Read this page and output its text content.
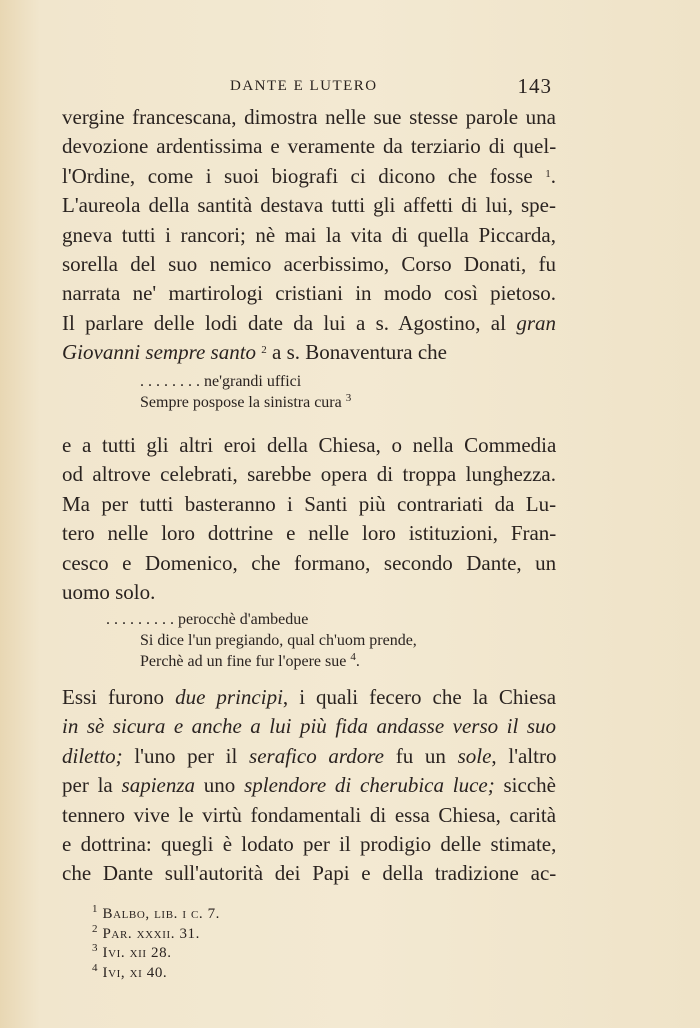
DANTE E LUTERO	143
vergine francescana, dimostra nelle sue stesse parole una
devozione ardentissima e veramente da terziario di quel-
l'Ordine, come i suoi biografi ci dicono che fosse $^1$.
L'aureola della santità destava tutti gli affetti di lui, spe-
gneva tutti i rancori; nè mai la vita di quella Piccarda,
sorella del suo nemico acerbissimo, Corso Donati, fu
narrata ne' martirologi cristiani in modo così pietoso.
Il parlare delle lodi date da lui a s. Agostino, al gran
Giovanni sempre santo $^2$ a s. Bonaventura che
. . . . . . . . ne'grandi uffici
Sempre pospose la sinistra cura $^3$
e a tutti gli altri eroi della Chiesa, o nella Commedia
od altrove celebrati, sarebbe opera di troppa lunghezza.
Ma per tutti basteranno i Santi più contrariati da Lu-
tero nelle loro dottrine e nelle loro istituzioni, Fran-
cesco e Domenico, che formano, secondo Dante, un
uomo solo.
. . . . . . . . . perocchè d'ambedue
Si dice l'un pregiando, qual ch'uom prende,
Perchè ad un fine fur l'opere sue $^4$.
Essi furono due principi, i quali fecero che la Chiesa
in sè sicura e anche a lui più fida andasse verso il suo
diletto; l'uno per il serafico ardore fu un sole, l'altro
per la sapienza uno splendore di cherubica luce; sicchè
tennero vive le virtù fondamentali di essa Chiesa, carità
e dottrina: quegli è lodato per il prodigio delle stimate,
che Dante sull'autorità dei Papi e della tradizione ac-
$^1$ Balbo, lib. i c. 7.
$^2$ Par. xxxii. 31.
$^3$ Ivi. xii 28.
$^4$ Ivi, xi 40.
